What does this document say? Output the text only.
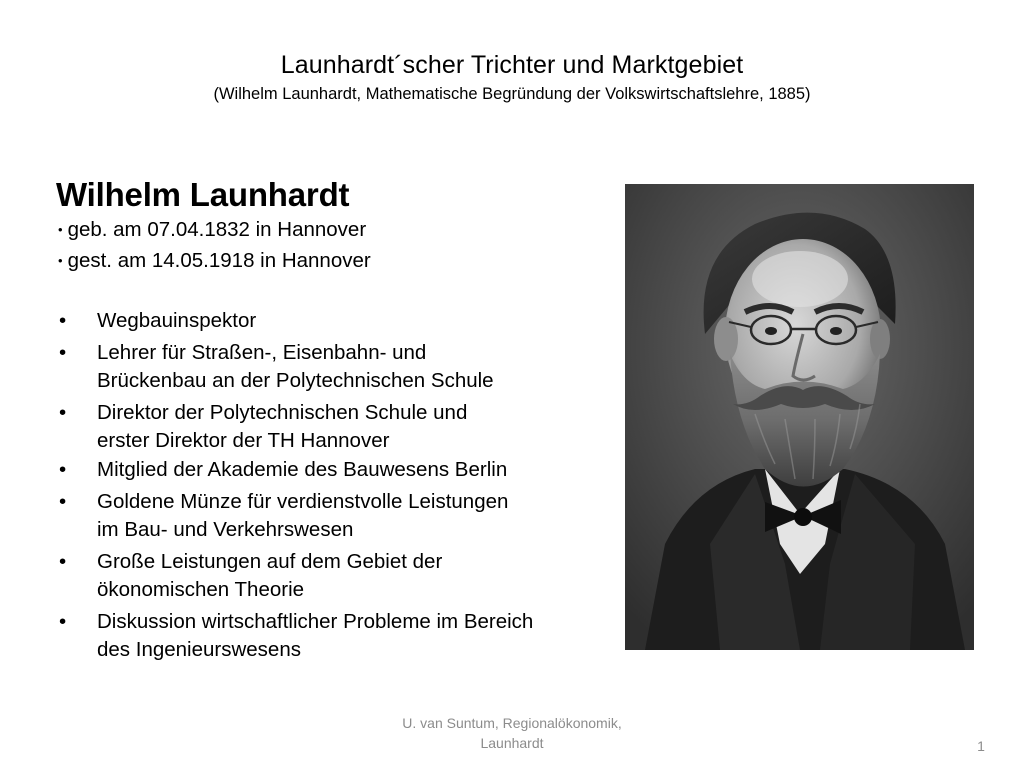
Launhardt´scher Trichter und Marktgebiet
(Wilhelm Launhardt, Mathematische Begründung der Volkswirtschaftslehre, 1885)
Wilhelm Launhardt
• geb. am 07.04.1832 in Hannover
• gest. am 14.05.1918 in Hannover
• Wegbauinspektor
• Lehrer für Straßen-, Eisenbahn- und
Brückenbau an der Polytechnischen Schule
• Direktor der Polytechnischen Schule und
erster Direktor der TH Hannover
• Mitglied der Akademie des Bauwesens Berlin
• Goldene Münze für verdienstvolle Leistungen
im Bau- und Verkehrswesen
• Große Leistungen auf dem Gebiet der
ökonomischen Theorie
• Diskussion wirtschaftlicher Probleme im Bereich
des Ingenieurswesens
U. van Suntum, Regionalökonomik,
Launhardt	1
